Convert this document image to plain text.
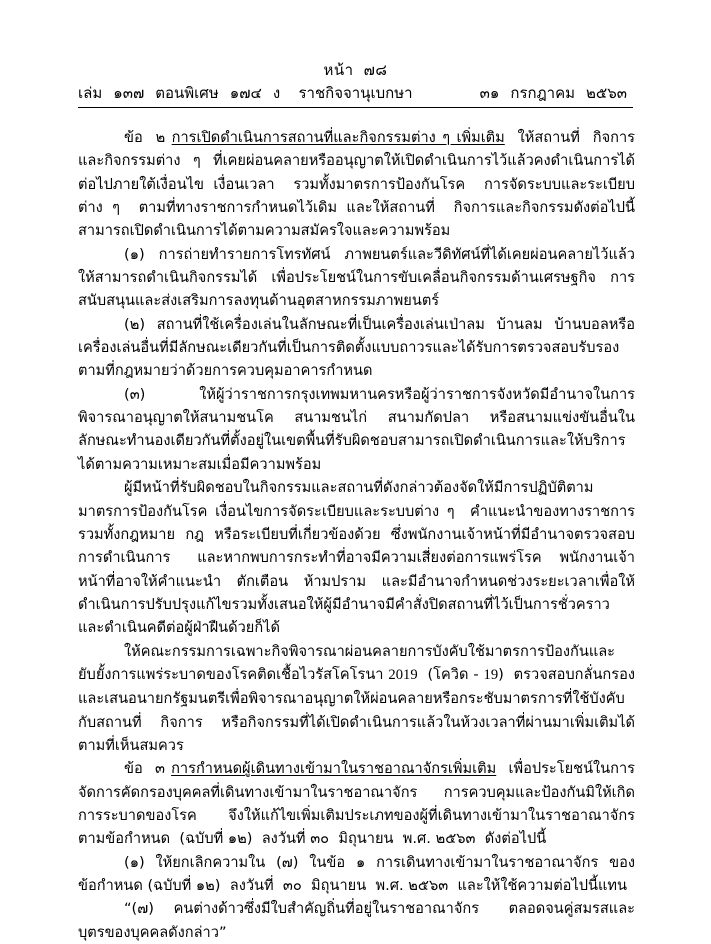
หน้า ๗๘
เล่ม ๑๓๗ ตอนพิเศษ ๑๗๔ ง	ราชกิจจานุเบกษา	๓๑ กรกฎาคม ๒๕๖๓

ข้อ  ๒ การเปิดดำเนินการสถานที่และกิจกรรมต่าง ๆ เพิ่มเติม  ให้สถานที่  กิจการและกิจกรรมต่าง ๆ ที่เคยผ่อนคลายหรืออนุญาตให้เปิดดำเนินการไว้แล้วคงดำเนินการได้ต่อไปภายใต้เงื่อนไข เงื่อนเวลา  รวมทั้งมาตรการป้องกันโรค  การจัดระบบและระเบียบต่าง ๆ  ตามที่ทางราชการกำหนดไว้เดิม และให้สถานที่  กิจการและกิจกรรมดังต่อไปนี้  สามารถเปิดดำเนินการได้ตามความสมัครใจและความพร้อม

(๑)  การถ่ายทำรายการโทรทัศน์  ภาพยนตร์และวีดิทัศน์ที่ได้เคยผ่อนคลายไว้แล้ว  ให้สามารถดำเนินกิจกรรมได้  เพื่อประโยชน์ในการขับเคลื่อนกิจกรรมด้านเศรษฐกิจ  การสนับสนุนและส่งเสริมการลงทุนด้านอุตสาหกรรมภาพยนตร์

(๒)  สถานที่ใช้เครื่องเล่นในลักษณะที่เป็นเครื่องเล่นเป่าลม  บ้านลม  บ้านบอลหรือเครื่องเล่นอื่นที่มีลักษณะเดียวกันที่เป็นการติดตั้งแบบถาวรและได้รับการตรวจสอบรับรองตามที่กฎหมายว่าด้วยการควบคุมอาคารกำหนด

(๓)  ให้ผู้ว่าราชการกรุงเทพมหานครหรือผู้ว่าราชการจังหวัดมีอำนาจในการพิจารณาอนุญาตให้สนามชนโค  สนามชนไก่  สนามกัดปลา  หรือสนามแข่งขันอื่นในลักษณะทำนองเดียวกันที่ตั้งอยู่ในเขตพื้นที่รับผิดชอบสามารถเปิดดำเนินการและให้บริการได้ตามความเหมาะสมเมื่อมีความพร้อม

ผู้มีหน้าที่รับผิดชอบในกิจกรรมและสถานที่ดังกล่าวต้องจัดให้มีการปฏิบัติตามมาตรการป้องกันโรค เงื่อนไขการจัดระเบียบและระบบต่าง ๆ  คำแนะนำของทางราชการ  รวมทั้งกฎหมาย  กฎ  หรือระเบียบที่เกี่ยวข้องด้วย  ซึ่งพนักงานเจ้าหน้าที่มีอำนาจตรวจสอบการดำเนินการ   และหากพบการกระทำที่อาจมีความเสี่ยงต่อการแพร่โรค  พนักงานเจ้าหน้าที่อาจให้คำแนะนำ  ตักเตือน  ห้ามปราม  และมีอำนาจกำหนดช่วงระยะเวลาเพื่อให้ดำเนินการปรับปรุงแก้ไขรวมทั้งเสนอให้ผู้มีอำนาจมีคำสั่งปิดสถานที่ไว้เป็นการชั่วคราวและดำเนินคดีต่อผู้ฝ่าฝืนด้วยก็ได้

ให้คณะกรรมการเฉพาะกิจพิจารณาผ่อนคลายการบังคับใช้มาตรการป้องกันและยับยั้งการแพร่ระบาดของโรคติดเชื้อไวรัสโคโรนา 2019  (โควิด - 19)  ตรวจสอบกลั่นกรองและเสนอนายกรัฐมนตรีเพื่อพิจารณาอนุญาตให้ผ่อนคลายหรือกระชับมาตรการที่ใช้บังคับกับสถานที่  กิจการ  หรือกิจกรรมที่ได้เปิดดำเนินการแล้วในห้วงเวลาที่ผ่านมาเพิ่มเติมได้ตามที่เห็นสมควร

ข้อ  ๓ การกำหนดผู้เดินทางเข้ามาในราชอาณาจักรเพิ่มเติม  เพื่อประโยชน์ในการจัดการคัดกรองบุคคลที่เดินทางเข้ามาในราชอาณาจักร  การควบคุมและป้องกันมิให้เกิดการระบาดของโรค จึงให้แก้ไขเพิ่มเติมประเภทของผู้ที่เดินทางเข้ามาในราชอาณาจักรตามข้อกำหนด  (ฉบับที่ ๑๒)  ลงวันที่ ๓๐  มิถุนายน  พ.ศ. ๒๕๖๓  ดังต่อไปนี้

(๑)  ให้ยกเลิกความใน  (๗)  ในข้อ  ๑  การเดินทางเข้ามาในราชอาณาจักร  ของข้อกำหนด (ฉบับที่ ๑๒)  ลงวันที่  ๓๐  มิถุนายน  พ.ศ. ๒๕๖๓  และให้ใช้ความต่อไปนี้แทน

“(๗)  คนต่างด้าวซึ่งมีใบสำคัญถิ่นที่อยู่ในราชอาณาจักร   ตลอดจนคู่สมรสและบุตรของบุคคลดังกล่าว”
